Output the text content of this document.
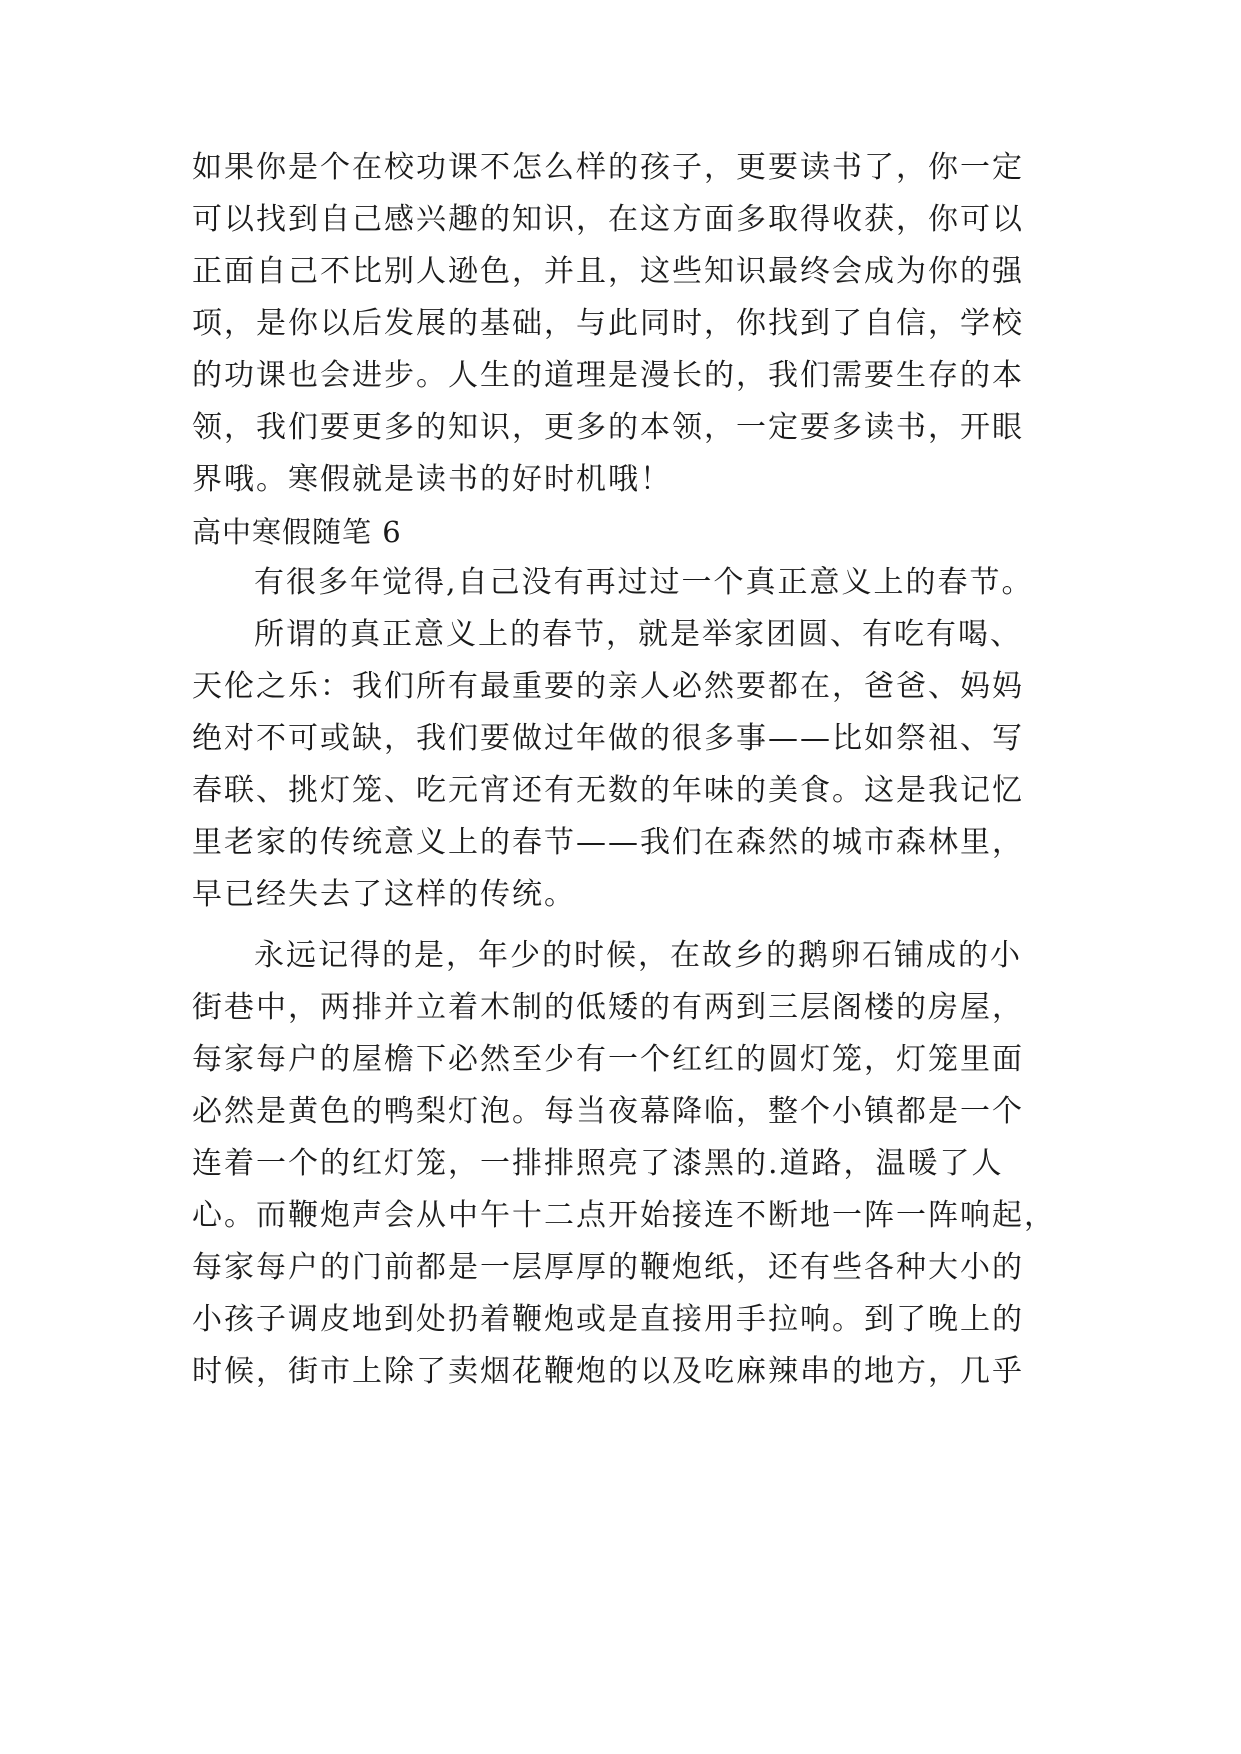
如果你是个在校功课不怎么样的孩子，更要读书了，你一定
可以找到自己感兴趣的知识，在这方面多取得收获，你可以
正面自己不比别人逊色，并且，这些知识最终会成为你的强
项，是你以后发展的基础，与此同时，你找到了自信，学校
的功课也会进步。人生的道理是漫长的，我们需要生存的本
领，我们要更多的知识，更多的本领，一定要多读书，开眼
界哦。寒假就是读书的好时机哦！
高中寒假随笔 6
有很多年觉得,自己没有再过过一个真正意义上的春节。
所谓的真正意义上的春节，就是举家团圆、有吃有喝、
天伦之乐：我们所有最重要的亲人必然要都在，爸爸、妈妈
绝对不可或缺，我们要做过年做的很多事——比如祭祖、写
春联、挑灯笼、吃元宵还有无数的年味的美食。这是我记忆
里老家的传统意义上的春节——我们在森然的城市森林里，
早已经失去了这样的传统。
永远记得的是，年少的时候，在故乡的鹅卵石铺成的小
街巷中，两排并立着木制的低矮的有两到三层阁楼的房屋，
每家每户的屋檐下必然至少有一个红红的圆灯笼，灯笼里面
必然是黄色的鸭梨灯泡。每当夜幕降临，整个小镇都是一个
连着一个的红灯笼，一排排照亮了漆黑的.道路，温暖了人
心。而鞭炮声会从中午十二点开始接连不断地一阵一阵响起，
每家每户的门前都是一层厚厚的鞭炮纸，还有些各种大小的
小孩子调皮地到处扔着鞭炮或是直接用手拉响。到了晚上的
时候，街市上除了卖烟花鞭炮的以及吃麻辣串的地方，几乎
